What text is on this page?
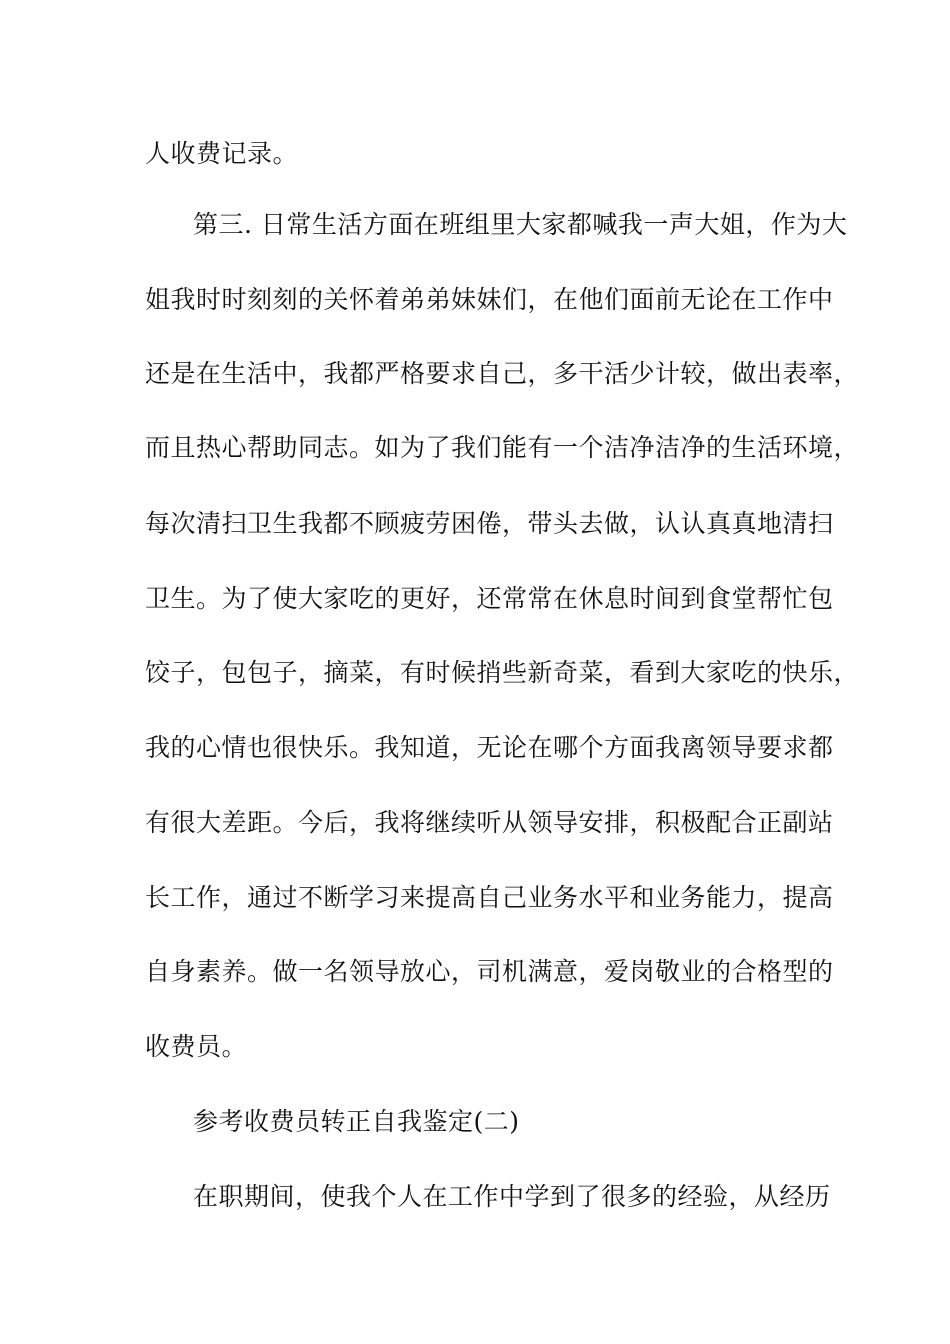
人收费记录。
第三. 日常生活方面在班组里大家都喊我一声大姐，作为大
姐我时时刻刻的关怀着弟弟妹妹们，在他们面前无论在工作中
还是在生活中，我都严格要求自己，多干活少计较，做出表率，
而且热心帮助同志。如为了我们能有一个洁净洁净的生活环境，
每次清扫卫生我都不顾疲劳困倦，带头去做，认认真真地清扫
卫生。为了使大家吃的更好，还常常在休息时间到食堂帮忙包
饺子，包包子，摘菜，有时候捎些新奇菜，看到大家吃的快乐，
我的心情也很快乐。我知道，无论在哪个方面我离领导要求都
有很大差距。今后，我将继续听从领导安排，积极配合正副站
长工作，通过不断学习来提高自己业务水平和业务能力，提高
自身素养。做一名领导放心，司机满意，爱岗敬业的合格型的
收费员。
参考收费员转正自我鉴定(二)
在职期间，使我个人在工作中学到了很多的经验，从经历
